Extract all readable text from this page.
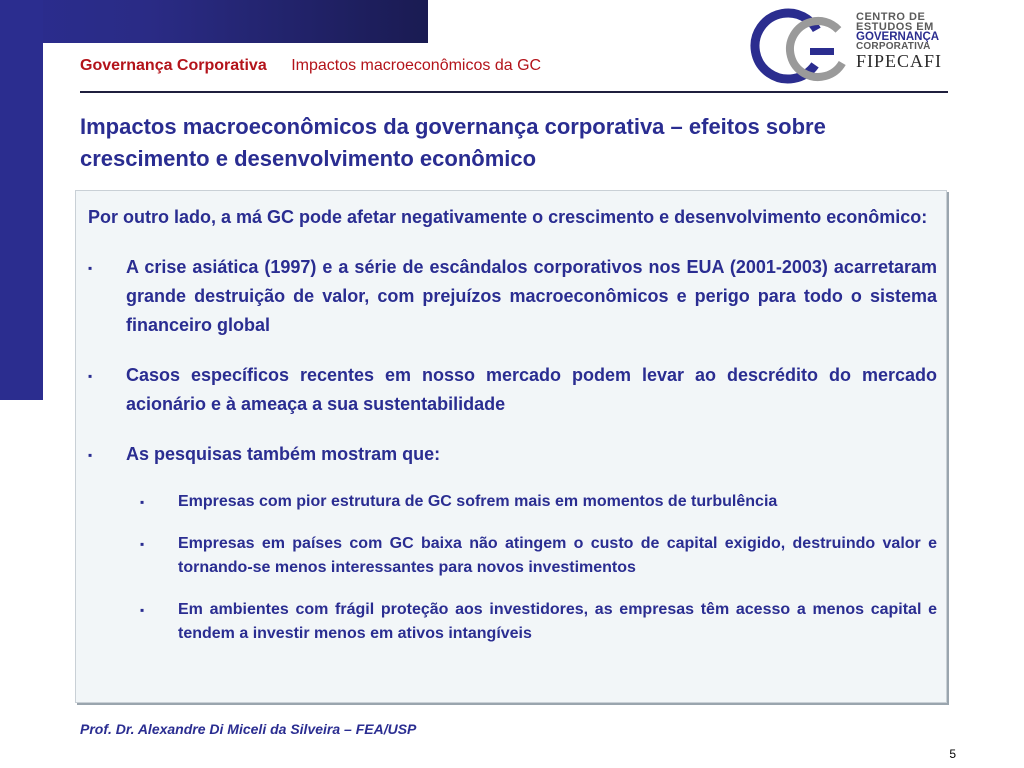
Governança Corporativa Impactos macroeconômicos da GC
CENTRO DE
ESTUDOS EM
GOVERNANÇA
CORPORATIVA
FIPECAFI
Impactos macroeconômicos da governança corporativa – efeitos sobre crescimento e desenvolvimento econômico

Por outro lado, a má GC pode afetar negativamente o crescimento e desenvolvimento econômico:

▪ A crise asiática (1997) e a série de escândalos corporativos nos EUA (2001-2003) acarretaram grande destruição de valor, com prejuízos macroeconômicos e perigo para todo o sistema financeiro global
▪ Casos específicos recentes em nosso mercado podem levar ao descrédito do mercado acionário e à ameaça a sua sustentabilidade
▪ As pesquisas também mostram que:
▪ Empresas com pior estrutura de GC sofrem mais em momentos de turbulência
▪ Empresas em países com GC baixa não atingem o custo de capital exigido, destruindo valor e tornando-se menos interessantes para novos investimentos
▪ Em ambientes com frágil proteção aos investidores, as empresas têm acesso a menos capital e tendem a investir menos em ativos intangíveis
Prof. Dr. Alexandre Di Miceli da Silveira – FEA/USP
5
